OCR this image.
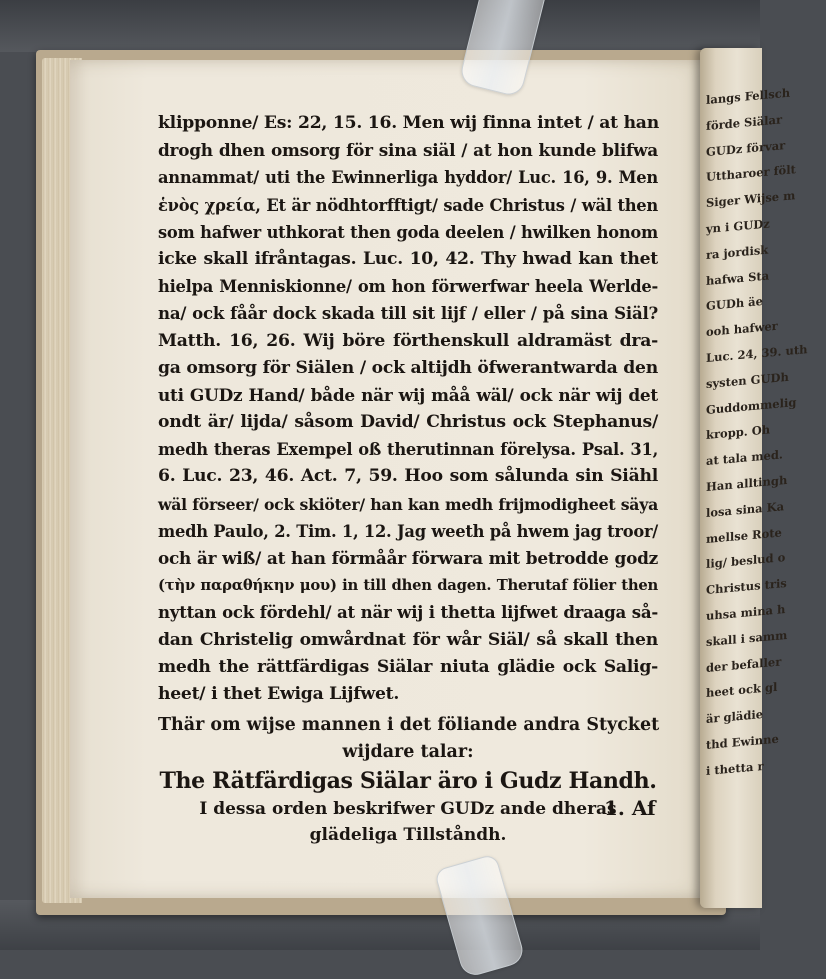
langs Fellsch
förde Siälar
GUDz förvar
Uttharoer fölt
Siger Wijse m
yn i GUDz
ra jordisk
hafwa Sta
GUDh äe
ooh hafwer
Luc. 24, 39. uth
systen GUDh
Guddommelig
kropp. Oh
at tala med.
Han alltingh
losa sina Ka
mellse Rote
lig/ beslud o
Christus tris
uhsa mina h
skall i samm
der befaller
heet ock gl
är glädie
thd Ewinne
i thetta r
klipponne/ Es: 22, 15. 16. Men wij finna intet / at han
drogh dhen omsorg för sina siäl / at hon kunde blifwa
annammat/ uti the Ewinnerliga hyddor/ Luc. 16, 9. Men
ἑνὸς χρεία, Et är nödhtorfftigt/ sade Christus / wäl then
som hafwer uthkorat then goda deelen / hwilken honom
icke skall ifråntagas. Luc. 10, 42. Thy hwad kan thet
hielpa Menniskionne/ om hon förwerfwar heela Werlde-
na/ ock fåår dock skada till sit lijf / eller / på sina Siäl?
Matth. 16, 26. Wij böre förthenskull aldramäst dra-
ga omsorg för Siälen / ock altijdh öfwerantwarda den
uti GUDz Hand/ både när wij måå wäl/ ock när wij det
ondt är/ lijda/ såsom David/ Christus ock Stephanus/
medh theras Exempel oß therutinnan förelysa. Psal. 31,
6. Luc. 23, 46. Act. 7, 59. Hoo som sålunda sin Siähl
wäl förseer/ ock skiöter/ han kan medh frijmodigheet säya
medh Paulo, 2. Tim. 1, 12. Jag weeth på hwem jag troor/
och är wiß/ at han förmåår förwara mit betrodde godz
(τὴν παραθήκην μου) in till dhen dagen. Therutaf fölier then
nyttan ock fördehl/ at när wij i thetta lijfwet draaga så-
dan Christelig omwårdnat för wår Siäl/ så skall then
medh the rättfärdigas Siälar niuta glädie ock Salig-
heet/ i thet Ewiga Lijfwet.
Thär om wijse mannen i det föliande andra Stycket
wijdare talar:
The Rätfärdigas Siälar äro i Gudz Handh.
I dessa orden beskrifwer GUDz ande dheras
glädeliga Tillståndh.
1. Af
